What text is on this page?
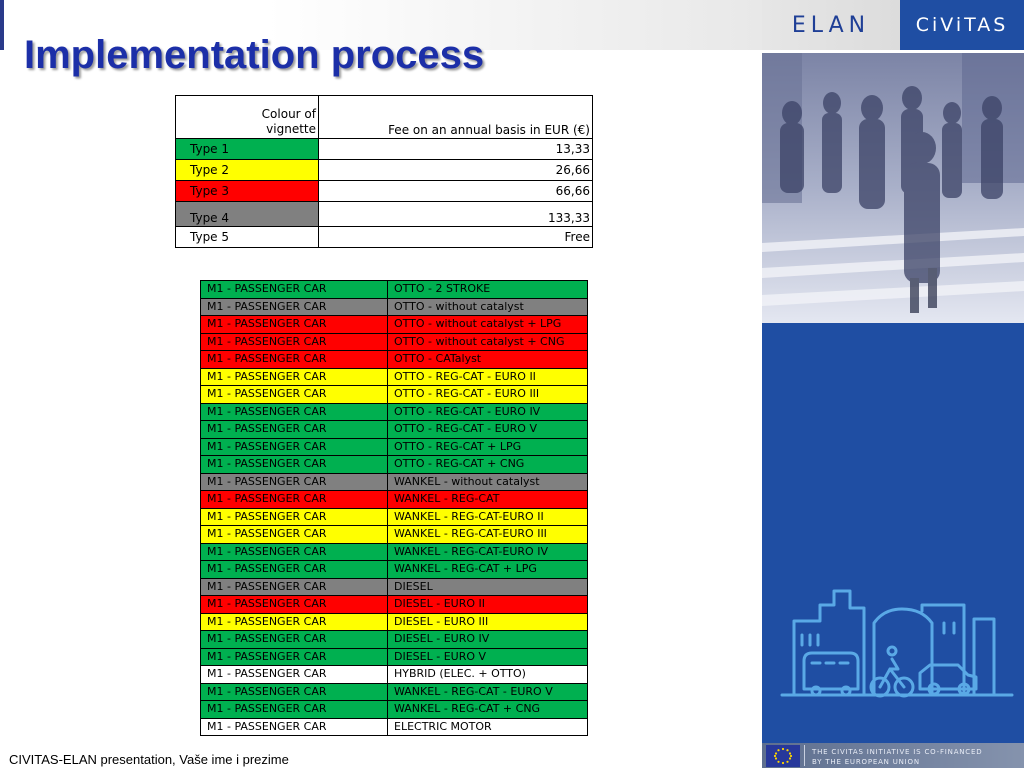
ELAN CiViTAS
Implementation process
THE CIVITAS INITIATIVE IS CO-FINANCED
BY THE EUROPEAN UNION
Colour of
vignette	Fee on an annual basis in EUR (€)
Type 1	13,33
Type 2	26,66
Type 3	66,66
Type 4	133,33
Type 5	Free
M1 - PASSENGER CAR	OTTO - 2 STROKE
M1 - PASSENGER CAR	OTTO - without catalyst
M1 - PASSENGER CAR	OTTO - without catalyst + LPG
M1 - PASSENGER CAR	OTTO - without catalyst + CNG
M1 - PASSENGER CAR	OTTO - CATalyst
M1 - PASSENGER CAR	OTTO - REG-CAT - EURO II
M1 - PASSENGER CAR	OTTO - REG-CAT - EURO III
M1 - PASSENGER CAR	OTTO - REG-CAT - EURO IV
M1 - PASSENGER CAR	OTTO - REG-CAT - EURO V
M1 - PASSENGER CAR	OTTO - REG-CAT + LPG
M1 - PASSENGER CAR	OTTO - REG-CAT + CNG
M1 - PASSENGER CAR	WANKEL - without catalyst
M1 - PASSENGER CAR	WANKEL - REG-CAT
M1 - PASSENGER CAR	WANKEL - REG-CAT-EURO II
M1 - PASSENGER CAR	WANKEL - REG-CAT-EURO III
M1 - PASSENGER CAR	WANKEL - REG-CAT-EURO IV
M1 - PASSENGER CAR	WANKEL - REG-CAT + LPG
M1 - PASSENGER CAR	DIESEL
M1 - PASSENGER CAR	DIESEL - EURO II
M1 - PASSENGER CAR	DIESEL - EURO III
M1 - PASSENGER CAR	DIESEL - EURO IV
M1 - PASSENGER CAR	DIESEL - EURO V
M1 - PASSENGER CAR	HYBRID (ELEC. + OTTO)
M1 - PASSENGER CAR	WANKEL - REG-CAT - EURO V
M1 - PASSENGER CAR	WANKEL - REG-CAT + CNG
M1 - PASSENGER CAR	ELECTRIC MOTOR
CIVITAS-ELAN presentation, Vaše ime i prezime
